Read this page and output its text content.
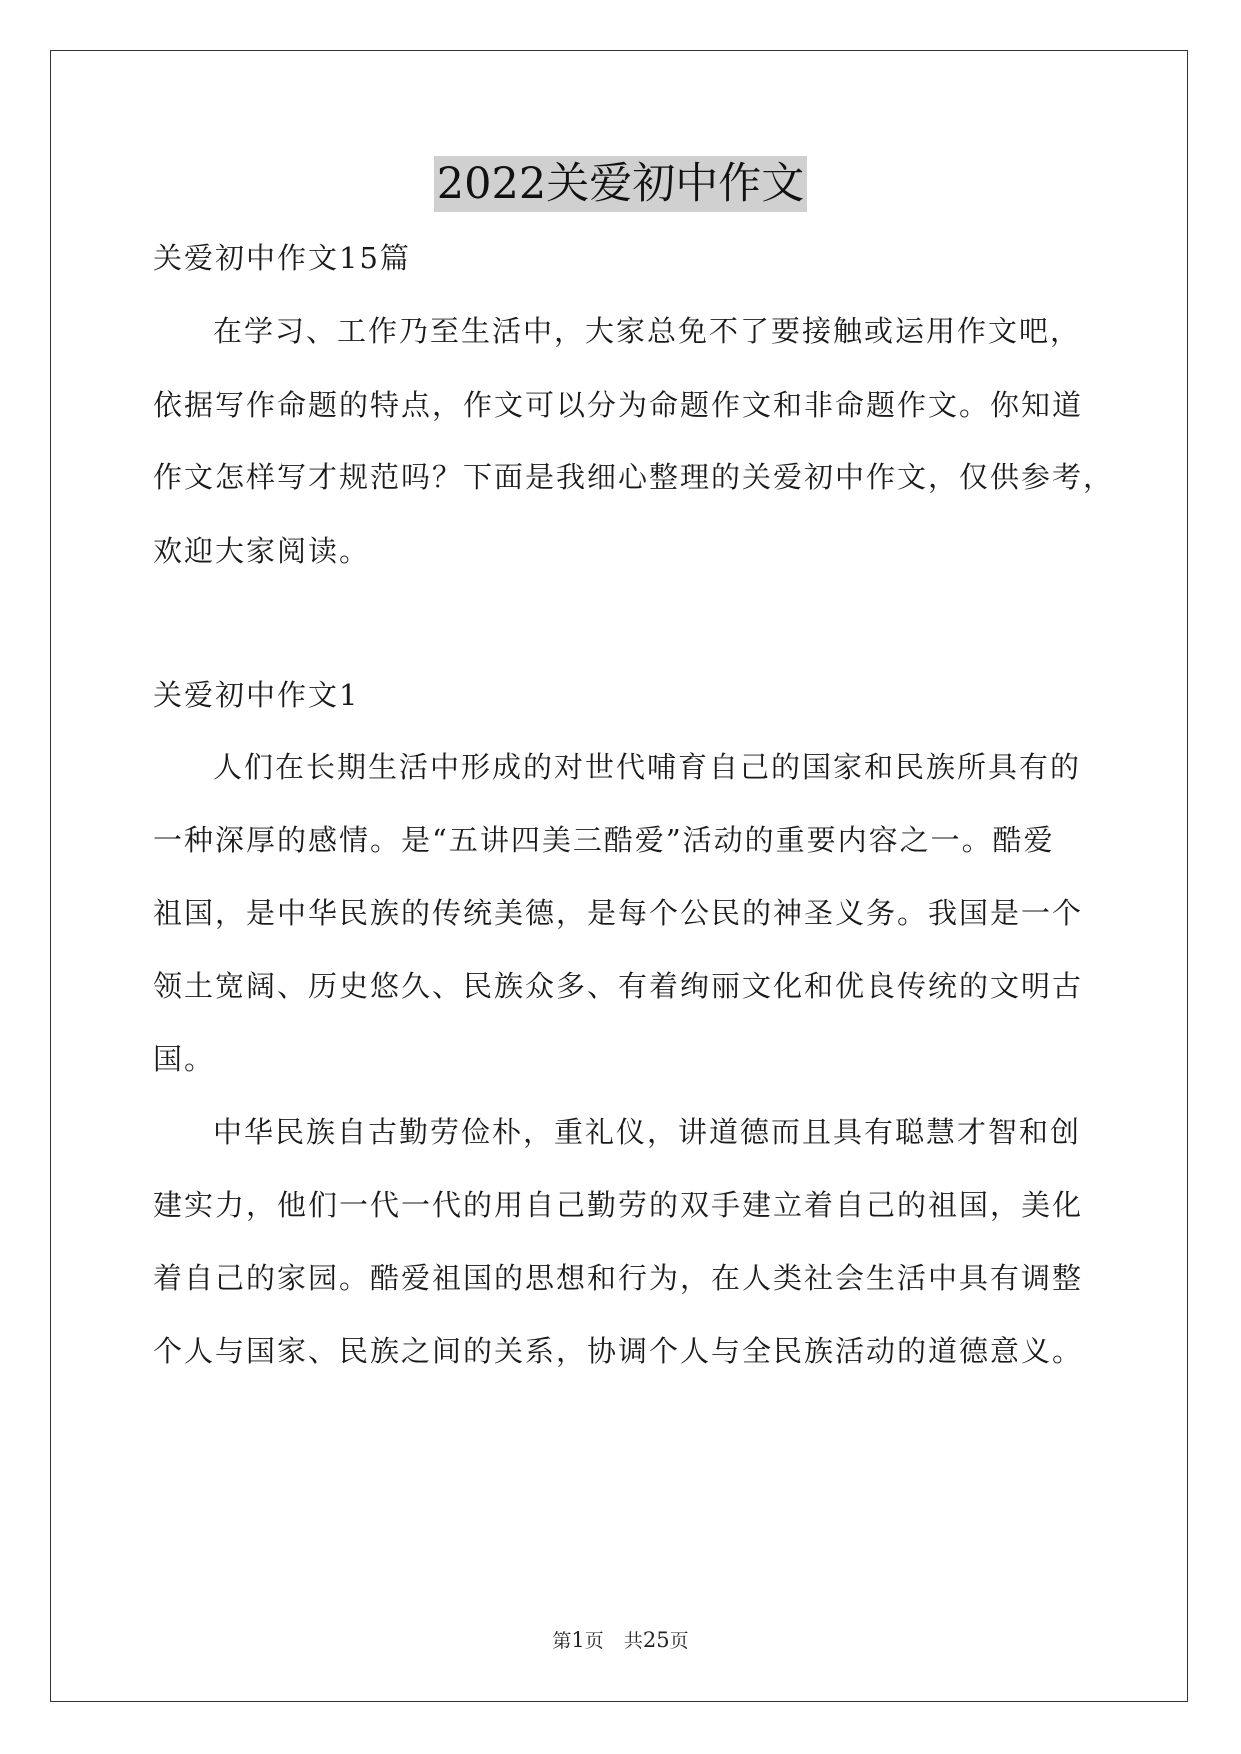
2022关爱初中作文
关爱初中作文15篇
在学习、工作乃至生活中，大家总免不了要接触或运用作文吧，
依据写作命题的特点，作文可以分为命题作文和非命题作文。你知道
作文怎样写才规范吗？下面是我细心整理的关爱初中作文，仅供参考，
欢迎大家阅读。
关爱初中作文1
人们在长期生活中形成的对世代哺育自己的国家和民族所具有的
一种深厚的感情。是“五讲四美三酷爱”活动的重要内容之一。酷爱
祖国，是中华民族的传统美德，是每个公民的神圣义务。我国是一个
领土宽阔、历史悠久、民族众多、有着绚丽文化和优良传统的文明古
国。
中华民族自古勤劳俭朴，重礼仪，讲道德而且具有聪慧才智和创
建实力，他们一代一代的用自己勤劳的双手建立着自己的祖国，美化
着自己的家园。酷爱祖国的思想和行为，在人类社会生活中具有调整
个人与国家、民族之间的关系，协调个人与全民族活动的道德意义。
第1页 共25页
